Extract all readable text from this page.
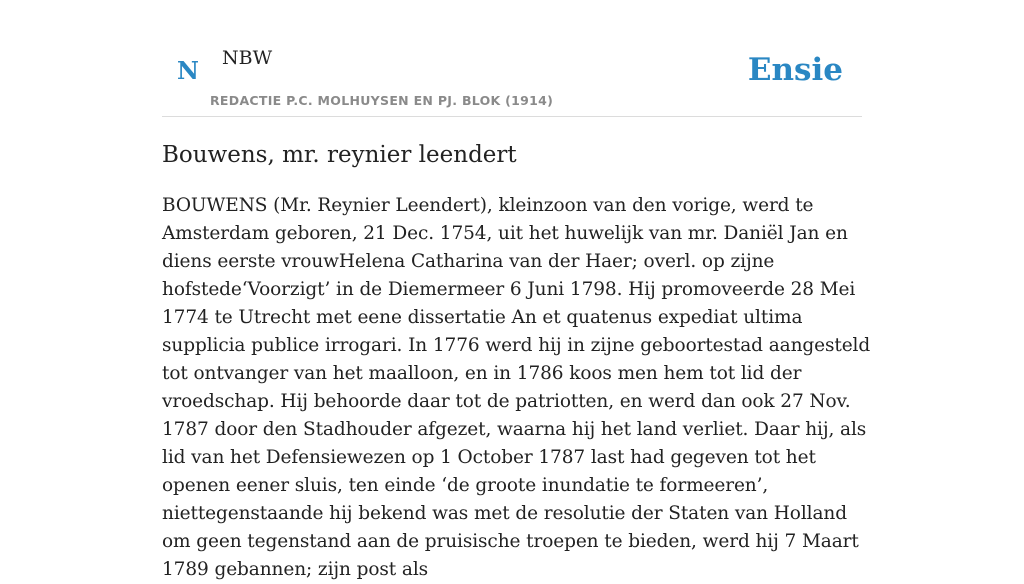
N NBW
REDACTIE P.C. MOLHUYSEN EN PJ. BLOK (1914)
Ensie
Bouwens, mr. reynier leendert

BOUWENS (Mr. Reynier Leendert), kleinzoon van den vorige, werd te Amsterdam geboren, 21 Dec. 1754, uit het huwelijk van mr. Daniël Jan en diens eerste vrouwHelena Catharina van der Haer; overl. op zijne hofstede‘Voorzigt’ in de Diemermeer 6 Juni 1798. Hij promoveerde 28 Mei 1774 te Utrecht met eene dissertatie An et quatenus expediat ultima supplicia publice irrogari. In 1776 werd hij in zijne geboortestad aangesteld tot ontvanger van het maalloon, en in 1786 koos men hem tot lid der vroedschap. Hij behoorde daar tot de patriotten, en werd dan ook 27 Nov. 1787 door den Stadhouder afgezet, waarna hij het land verliet. Daar hij, als lid van het Defensiewezen op 1 October 1787 last had gegeven tot het openen eener sluis, ten einde ‘de groote inundatie te formeeren’, niettegenstaande hij bekend was met de resolutie der Staten van Holland om geen tegenstand aan de pruisische troepen te bieden, werd hij 7 Maart 1789 gebannen; zijn post als
